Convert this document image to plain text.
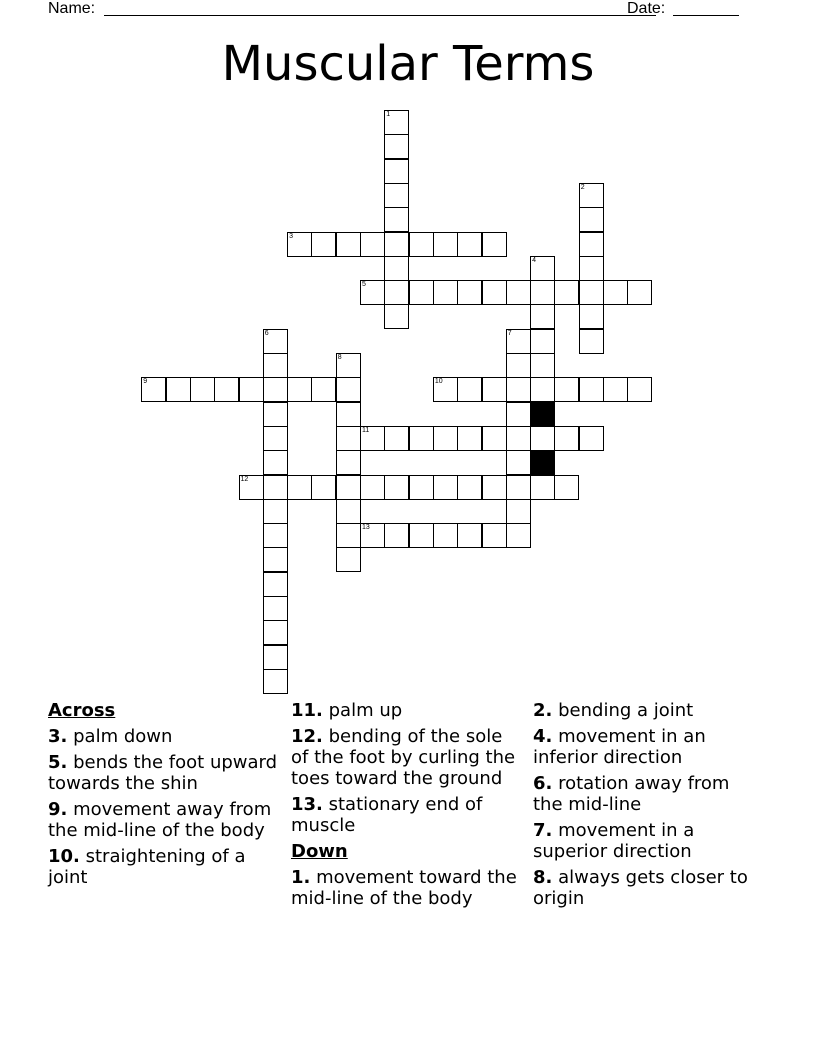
Name:	Date:
Muscular Terms
1
2
3
4
5
6	7
8
9	10
11
12
13
Across
3. palm down
5. bends the foot upward towards the shin
9. movement away from the mid-line of the body
10. straightening of a joint
11. palm up
12. bending of the sole of the foot by curling the toes toward the ground
13. stationary end of muscle
Down
1. movement toward the mid-line of the body
2. bending a joint
4. movement in an inferior direction
6. rotation away from the mid-line
7. movement in a superior direction
8. always gets closer to origin
